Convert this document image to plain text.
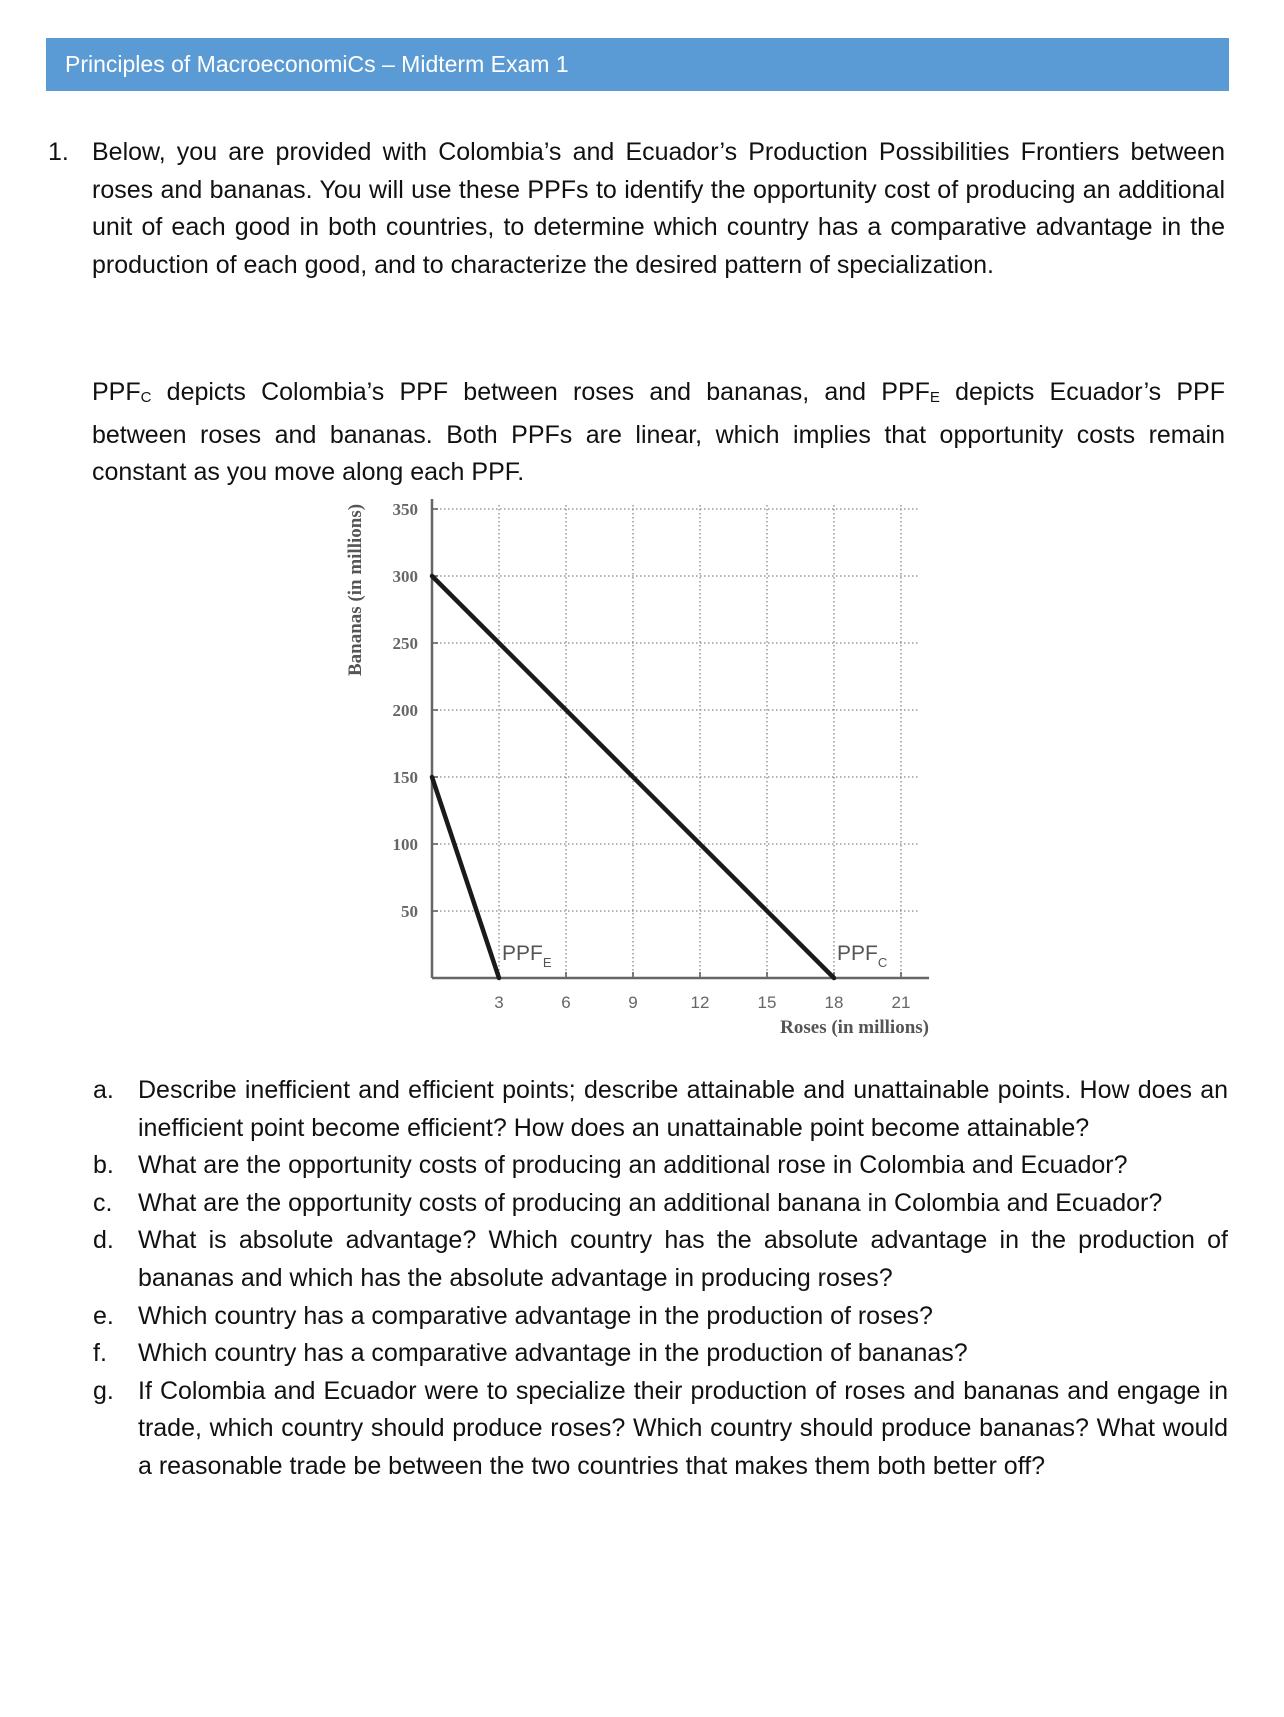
Principles of MacroeconomiCs – Midterm Exam 1
1. Below, you are provided with Colombia’s and Ecuador’s Production Possibilities Frontiers between roses and bananas. You will use these PPFs to identify the opportunity cost of producing an additional unit of each good in both countries, to determine which country has a comparative advantage in the production of each good, and to characterize the desired pattern of specialization.
$PPF_C$ depicts Colombia’s PPF between roses and bananas, and $PPF_E$ depicts Ecuador’s PPF between roses and bananas. Both PPFs are linear, which implies that opportunity costs remain constant as you move along each PPF.
50
100
150
200
250
300
350
3	6	9	12	15	18	21
$PPF_C$
$PPF_E$
Roses (in millions)
Bananas (in millions)
a. Describe inefficient and efficient points; describe attainable and unattainable points. How does an inefficient point become efficient? How does an unattainable point become attainable?
b. What are the opportunity costs of producing an additional rose in Colombia and Ecuador?
c.	What are the opportunity costs of producing an additional banana in Colombia and Ecuador?
d. What is absolute advantage? Which country has the absolute advantage in the production of bananas and which has the absolute advantage in producing roses?
e. Which country has a comparative advantage in the production of roses?
f.	Which country has a comparative advantage in the production of bananas?
g. If Colombia and Ecuador were to specialize their production of roses and bananas and engage in trade, which country should produce roses? Which country should produce bananas? What would a reasonable trade be between the two countries that makes them both better off?
